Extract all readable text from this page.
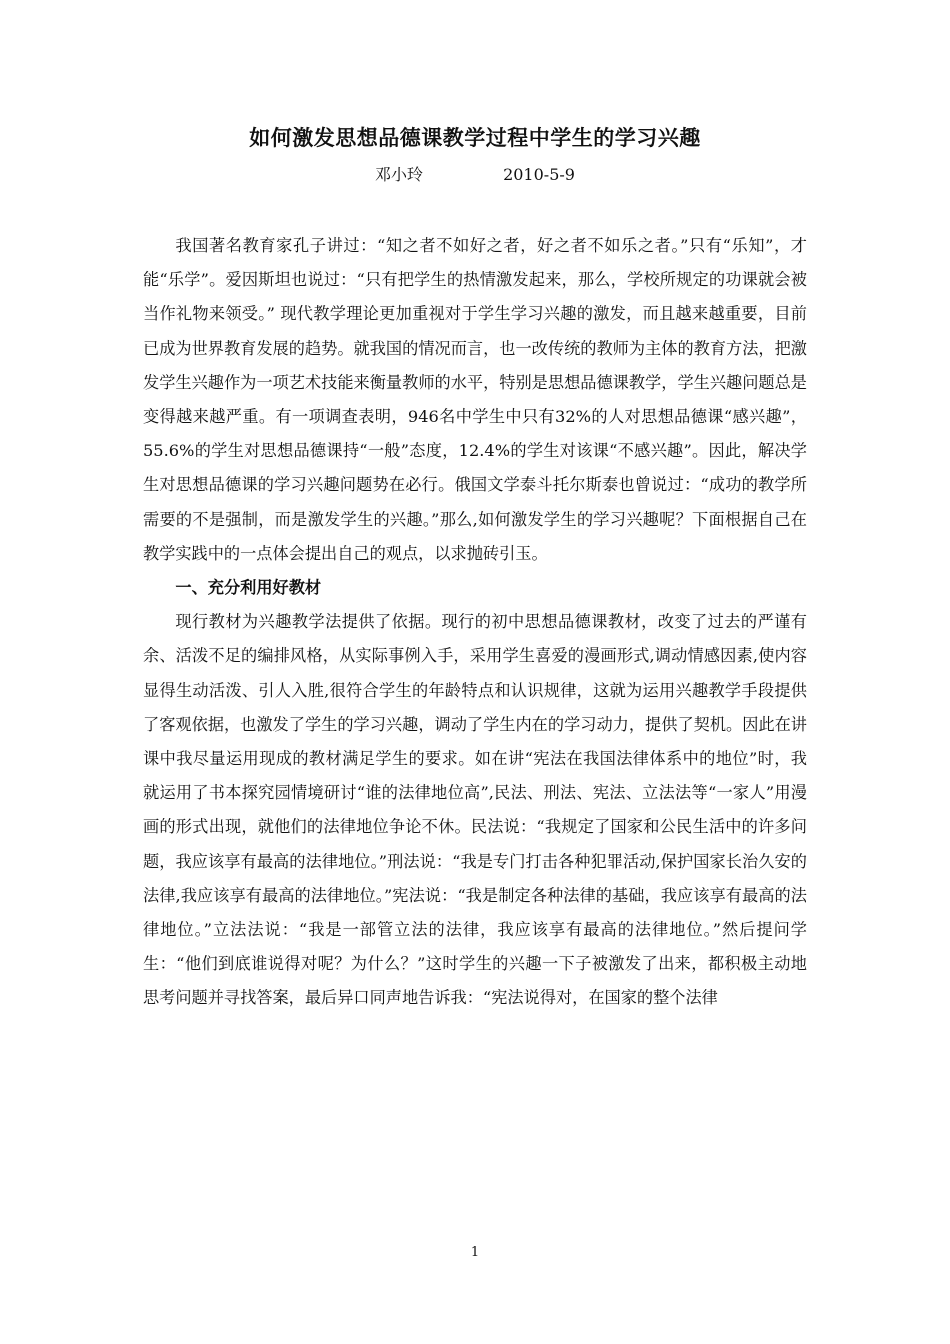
如何激发思想品德课教学过程中学生的学习兴趣
邓小玲	2010-5-9

我国著名教育家孔子讲过：“知之者不如好之者，好之者不如乐之者。”只有“乐知”，才能“乐学”。爱因斯坦也说过：“只有把学生的热情激发起来，那么，学校所规定的功课就会被当作礼物来领受。” 现代教学理论更加重视对于学生学习兴趣的激发，而且越来越重要，目前已成为世界教育发展的趋势。就我国的情况而言，也一改传统的教师为主体的教育方法，把激发学生兴趣作为一项艺术技能来衡量教师的水平，特别是思想品德课教学，学生兴趣问题总是变得越来越严重。有一项调查表明，946名中学生中只有32%的人对思想品德课“感兴趣”，55.6%的学生对思想品德课持“一般”态度，12.4%的学生对该课“不感兴趣”。因此，解决学生对思想品德课的学习兴趣问题势在必行。俄国文学泰斗托尔斯泰也曾说过：“成功的教学所需要的不是强制，而是激发学生的兴趣。”那么,如何激发学生的学习兴趣呢？下面根据自己在教学实践中的一点体会提出自己的观点，以求抛砖引玉。

一、充分利用好教材

现行教材为兴趣教学法提供了依据。现行的初中思想品德课教材，改变了过去的严谨有余、活泼不足的编排风格，从实际事例入手，采用学生喜爱的漫画形式,调动情感因素,使内容显得生动活泼、引人入胜,很符合学生的年龄特点和认识规律，这就为运用兴趣教学手段提供了客观依据，也激发了学生的学习兴趣，调动了学生内在的学习动力，提供了契机。因此在讲课中我尽量运用现成的教材满足学生的要求。如在讲“宪法在我国法律体系中的地位”时，我就运用了书本探究园情境研讨“谁的法律地位高”,民法、刑法、宪法、立法法等“一家人”用漫画的形式出现，就他们的法律地位争论不休。民法说：“我规定了国家和公民生活中的许多问题，我应该享有最高的法律地位。”刑法说：“我是专门打击各种犯罪活动,保护国家长治久安的法律,我应该享有最高的法律地位。”宪法说：“我是制定各种法律的基础，我应该享有最高的法律地位。”立法法说：“我是一部管立法的法律，我应该享有最高的法律地位。”然后提问学生：“他们到底谁说得对呢？为什么？”这时学生的兴趣一下子被激发了出来，都积极主动地思考问题并寻找答案，最后异口同声地告诉我：“宪法说得对，在国家的整个法律

1
